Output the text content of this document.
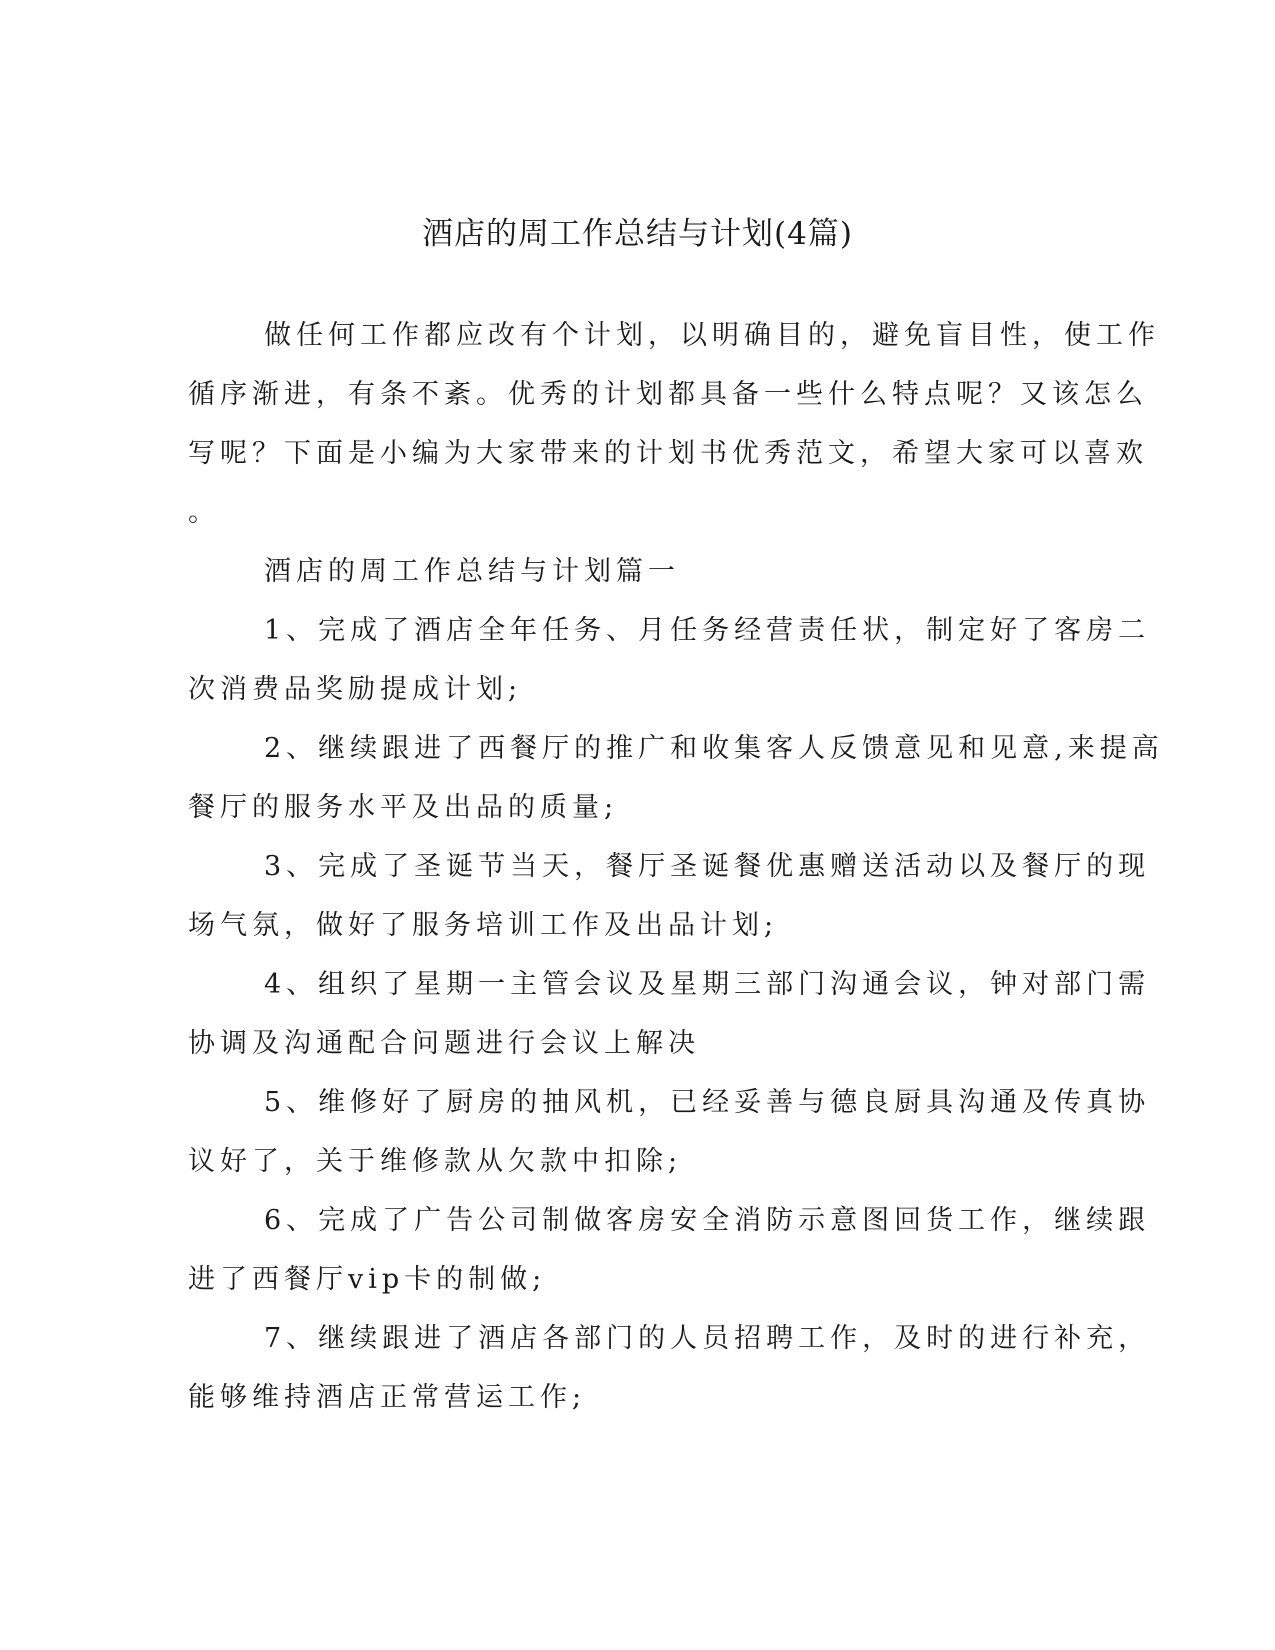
酒店的周工作总结与计划(4篇)
做任何工作都应改有个计划，以明确目的，避免盲目性，使工作
循序渐进，有条不紊。优秀的计划都具备一些什么特点呢？又该怎么
写呢？下面是小编为大家带来的计划书优秀范文，希望大家可以喜欢
。
酒店的周工作总结与计划篇一
1、完成了酒店全年任务、月任务经营责任状，制定好了客房二
次消费品奖励提成计划;
2、继续跟进了西餐厅的推广和收集客人反馈意见和见意,来提高
餐厅的服务水平及出品的质量;
3、完成了圣诞节当天，餐厅圣诞餐优惠赠送活动以及餐厅的现
场气氛，做好了服务培训工作及出品计划;
4、组织了星期一主管会议及星期三部门沟通会议，钟对部门需
协调及沟通配合问题进行会议上解决
5、维修好了厨房的抽风机，已经妥善与德良厨具沟通及传真协
议好了，关于维修款从欠款中扣除;
6、完成了广告公司制做客房安全消防示意图回货工作，继续跟
进了西餐厅vip卡的制做;
7、继续跟进了酒店各部门的人员招聘工作，及时的进行补充，
能够维持酒店正常营运工作;
